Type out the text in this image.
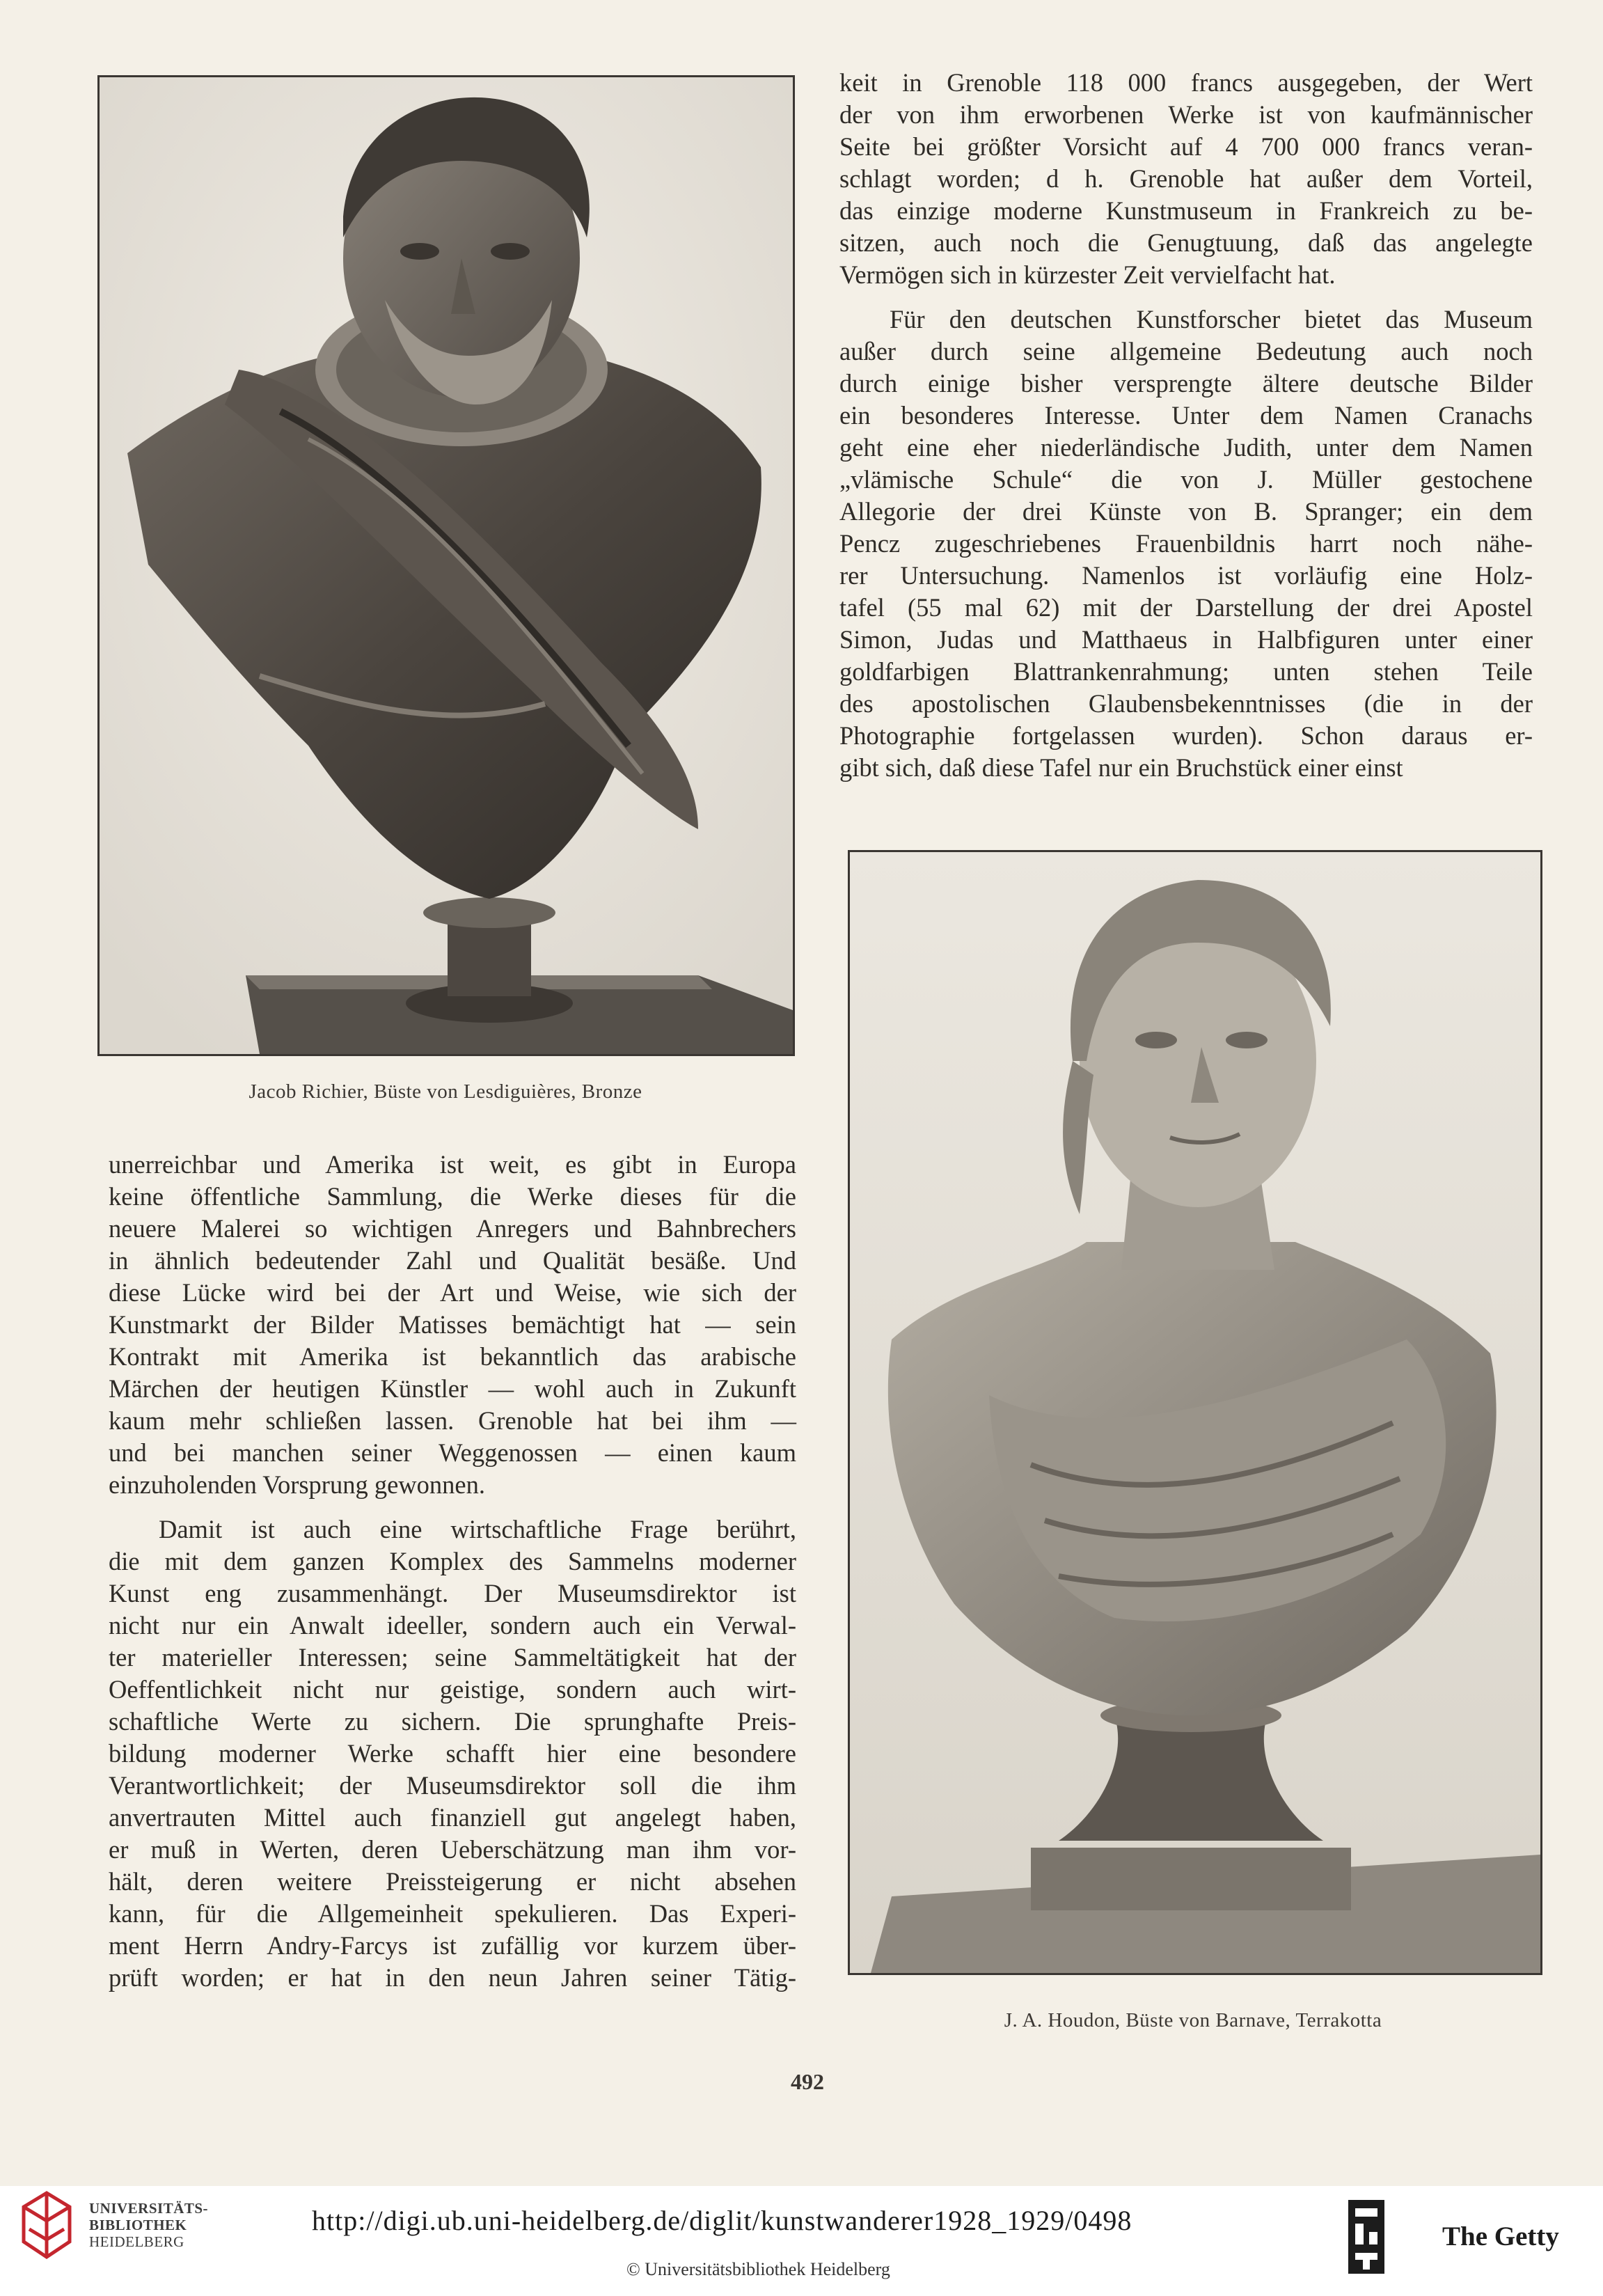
Jacob Richier, Büste von Lesdiguières, Bronze
keit in Grenoble 118 000 francs ausgegeben, der Wert
der von ihm erworbenen Werke ist von kaufmännischer
Seite bei größter Vorsicht auf 4 700 000 francs veran-
schlagt worden; d h. Grenoble hat außer dem Vorteil,
das einzige moderne Kunstmuseum in Frankreich zu be-
sitzen, auch noch die Genugtuung, daß das angelegte
Vermögen sich in kürzester Zeit vervielfacht hat.
Für den deutschen Kunstforscher bietet das Museum
außer durch seine allgemeine Bedeutung auch noch
durch einige bisher versprengte ältere deutsche Bilder
ein besonderes Interesse. Unter dem Namen Cranachs
geht eine eher niederländische Judith, unter dem Namen
„vlämische Schule“ die von J. Müller gestochene
Allegorie der drei Künste von B. Spranger; ein dem
Pencz zugeschriebenes Frauenbildnis harrt noch nähe-
rer Untersuchung. Namenlos ist vorläufig eine Holz-
tafel (55 mal 62) mit der Darstellung der drei Apostel
Simon, Judas und Matthaeus in Halbfiguren unter einer
goldfarbigen Blattrankenrahmung; unten stehen Teile
des apostolischen Glaubensbekenntnisses (die in der
Photographie fortgelassen wurden). Schon daraus er-
gibt sich, daß diese Tafel nur ein Bruchstück einer einst
J. A. Houdon, Büste von Barnave, Terrakotta
unerreichbar und Amerika ist weit, es gibt in Europa
keine öffentliche Sammlung, die Werke dieses für die
neuere Malerei so wichtigen Anregers und Bahnbrechers
in ähnlich bedeutender Zahl und Qualität besäße. Und
diese Lücke wird bei der Art und Weise, wie sich der
Kunstmarkt der Bilder Matisses bemächtigt hat — sein
Kontrakt mit Amerika ist bekanntlich das arabische
Märchen der heutigen Künstler — wohl auch in Zukunft
kaum mehr schließen lassen. Grenoble hat bei ihm —
und bei manchen seiner Weggenossen — einen kaum
einzuholenden Vorsprung gewonnen.
Damit ist auch eine wirtschaftliche Frage berührt,
die mit dem ganzen Komplex des Sammelns moderner
Kunst eng zusammenhängt. Der Museumsdirektor ist
nicht nur ein Anwalt ideeller, sondern auch ein Verwal-
ter materieller Interessen; seine Sammeltätigkeit hat der
Oeffentlichkeit nicht nur geistige, sondern auch wirt-
schaftliche Werte zu sichern. Die sprunghafte Preis-
bildung moderner Werke schafft hier eine besondere
Verantwortlichkeit; der Museumsdirektor soll die ihm
anvertrauten Mittel auch finanziell gut angelegt haben,
er muß in Werten, deren Ueberschätzung man ihm vor-
hält, deren weitere Preissteigerung er nicht absehen
kann, für die Allgemeinheit spekulieren. Das Experi-
ment Herrn Andry-Farcys ist zufällig vor kurzem über-
prüft worden; er hat in den neun Jahren seiner Tätig-
492
UNIVERSITÄTS-
BIBLIOTHEK
HEIDELBERG
http://digi.ub.uni-heidelberg.de/diglit/kunstwanderer1928_1929/0498
© Universitätsbibliothek Heidelberg
The Getty
